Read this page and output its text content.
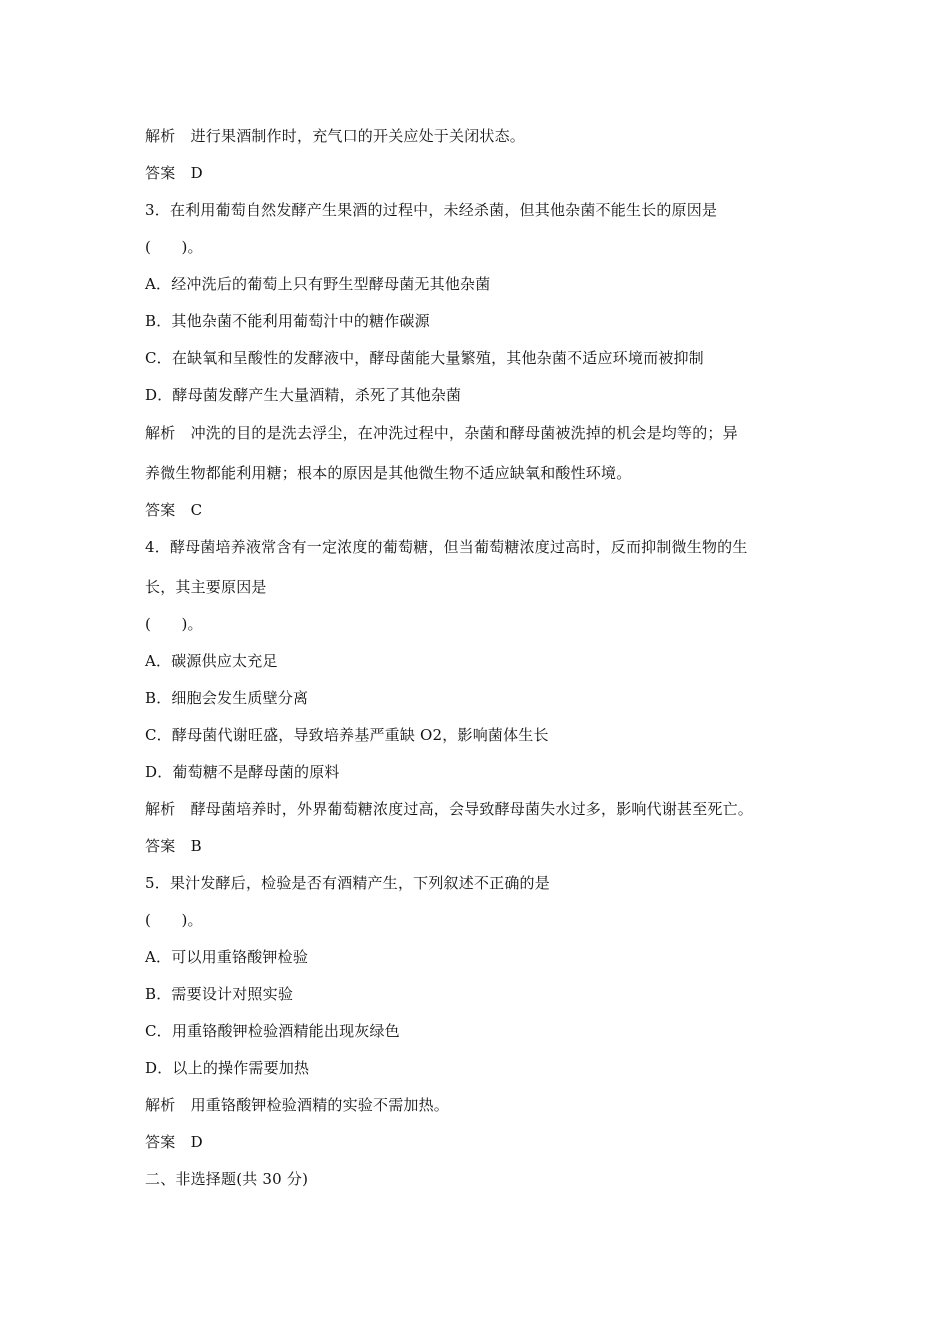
解析　进行果酒制作时，充气口的开关应处于关闭状态。
答案　D
3．在利用葡萄自然发酵产生果酒的过程中，未经杀菌，但其他杂菌不能生长的原因是
(　　)。
A．经冲洗后的葡萄上只有野生型酵母菌无其他杂菌
B．其他杂菌不能利用葡萄汁中的糖作碳源
C．在缺氧和呈酸性的发酵液中，酵母菌能大量繁殖，其他杂菌不适应环境而被抑制
D．酵母菌发酵产生大量酒精，杀死了其他杂菌
解析　冲洗的目的是洗去浮尘，在冲洗过程中，杂菌和酵母菌被洗掉的机会是均等的；异
养微生物都能利用糖；根本的原因是其他微生物不适应缺氧和酸性环境。
答案　C
4．酵母菌培养液常含有一定浓度的葡萄糖，但当葡萄糖浓度过高时，反而抑制微生物的生
长，其主要原因是
(　　)。
A．碳源供应太充足
B．细胞会发生质壁分离
C．酵母菌代谢旺盛，导致培养基严重缺 O2，影响菌体生长
D．葡萄糖不是酵母菌的原料
解析　酵母菌培养时，外界葡萄糖浓度过高，会导致酵母菌失水过多，影响代谢甚至死亡。
答案　B
5．果汁发酵后，检验是否有酒精产生，下列叙述不正确的是
(　　)。
A．可以用重铬酸钾检验
B．需要设计对照实验
C．用重铬酸钾检验酒精能出现灰绿色
D．以上的操作需要加热
解析　用重铬酸钾检验酒精的实验不需加热。
答案　D
二、非选择题(共 30 分)
